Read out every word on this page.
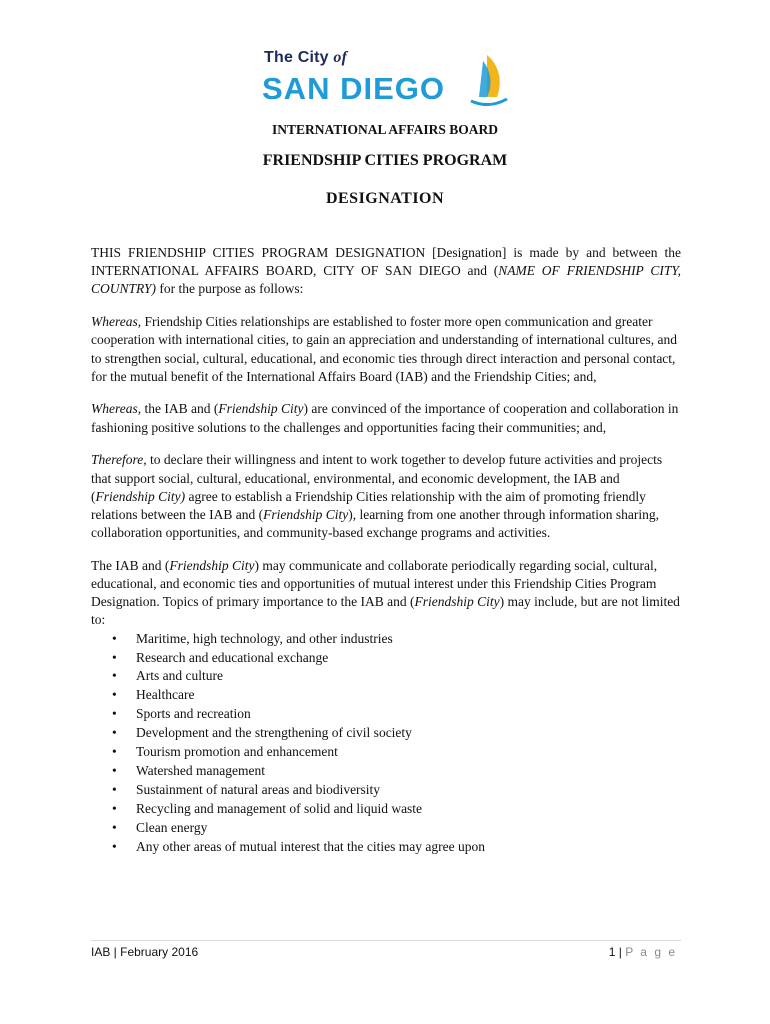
The City of
SAN DIEGO
INTERNATIONAL AFFAIRS BOARD
FRIENDSHIP CITIES PROGRAM
DESIGNATION

THIS FRIENDSHIP CITIES PROGRAM DESIGNATION [Designation] is made by and between the INTERNATIONAL AFFAIRS BOARD, CITY OF SAN DIEGO and (NAME OF FRIENDSHIP CITY, COUNTRY) for the purpose as follows:

Whereas, Friendship Cities relationships are established to foster more open communication and greater cooperation with international cities, to gain an appreciation and understanding of international cultures, and to strengthen social, cultural, educational, and economic ties through direct interaction and personal contact, for the mutual benefit of the International Affairs Board (IAB) and the Friendship Cities; and,

Whereas, the IAB and (Friendship City) are convinced of the importance of cooperation and collaboration in fashioning positive solutions to the challenges and opportunities facing their communities; and,

Therefore, to declare their willingness and intent to work together to develop future activities and projects that support social, cultural, educational, environmental, and economic development, the IAB and (Friendship City) agree to establish a Friendship Cities relationship with the aim of promoting friendly relations between the IAB and (Friendship City), learning from one another through information sharing, collaboration opportunities, and community-based exchange programs and activities.

The IAB and (Friendship City) may communicate and collaborate periodically regarding social, cultural, educational, and economic ties and opportunities of mutual interest under this Friendship Cities Program Designation. Topics of primary importance to the IAB and (Friendship City) may include, but are not limited to:

• Maritime, high technology, and other industries
• Research and educational exchange
• Arts and culture
• Healthcare
• Sports and recreation
• Development and the strengthening of civil society
• Tourism promotion and enhancement
• Watershed management
• Sustainment of natural areas and biodiversity
• Recycling and management of solid and liquid waste
• Clean energy
• Any other areas of mutual interest that the cities may agree upon
IAB | February 2016	1 | P a g e
